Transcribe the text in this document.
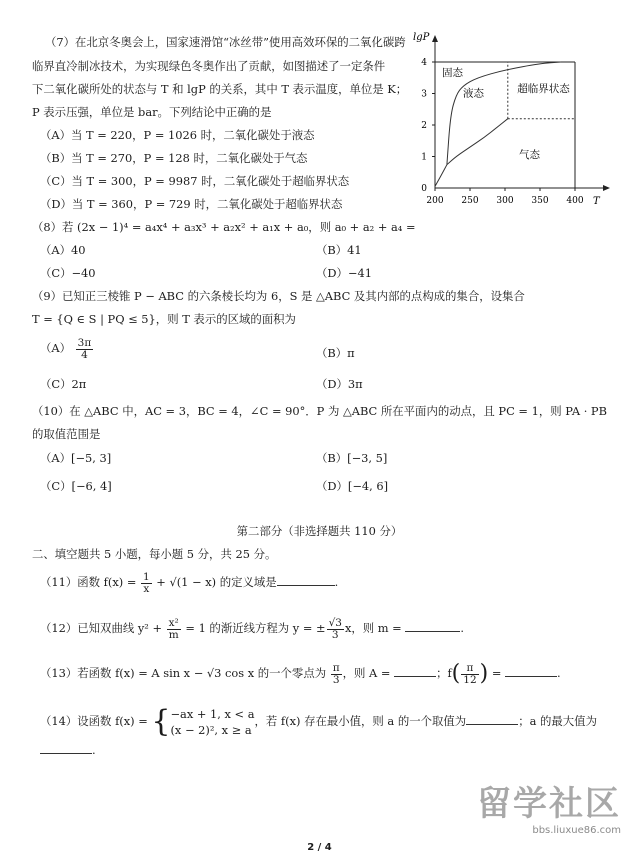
（7）在北京冬奥会上，国家速滑馆“冰丝带”使用高效环保的二氧化碳跨
临界直冷制冰技术，为实现绿色冬奥作出了贡献，如图描述了一定条件
下二氧化碳所处的状态与 T 和 lgP 的关系，其中 T 表示温度，单位是 K；
P 表示压强，单位是 bar。下列结论中正确的是
（A）当 T = 220，P = 1026 时，二氧化碳处于液态
（B）当 T = 270，P = 128 时，二氧化碳处于气态
（C）当 T = 300，P = 9987 时，二氧化碳处于超临界状态
（D）当 T = 360，P = 729 时，二氧化碳处于超临界状态
lgP
T
200 250 300 350 400
0
1
2
3
4
固态
液态	超临界状态
气态
（8）若 (2x − 1)⁴ = a₄x⁴ + a₃x³ + a₂x² + a₁x + a₀，则 a₀ + a₂ + a₄ =
（A）40	（B）41
（C）−40	（D）−41
（9）已知正三棱锥 P − ABC 的六条棱长均为 6，S 是 △ABC 及其内部的点构成的集合，设集合
T = {Q ∈ S | PQ ≤ 5}，则 T 表示的区域的面积为
$(A) \frac{3\pi}{4}$	（B）π
（C）2π	（D）3π
（10）在 △ABC 中，AC = 3，BC = 4，∠C = 90°．P 为 △ABC 所在平面内的动点，且 PC = 1，则 PA · PB
的取值范围是
（A）[−5, 3]	（B）[−3, 5]
（C）[−6, 4]	（D）[−4, 6]
第二部分（非选择题共 110 分）
二、填空题共 5 小题，每小题 5 分，共 25 分。
（11）函数 $f(x) = \frac{1}{x} + √(1 - x)$ 的定义域是	.
（12）已知双曲线 $y^2 + \frac{\text{x²}}{m} = 1$ 的渐近线方程为 y = ± $\frac{√3}{3}$ x，则 m =	.
（13）若函数 f(x) = A sin x − √3 cos x 的一个零点为 $\frac{\pi}{3}$ ，则 A =	；$f( \frac{\pi}{12}$ ) =	.
（14）设函数 f(x) = { −ax + 1, x < a
(x − 2)², x ≥ a
，若 f(x) 存在最小值，则 a 的一个取值为	；a 的最大值为
.
2 / 4
留学社区
bbs.liuxue86.com
